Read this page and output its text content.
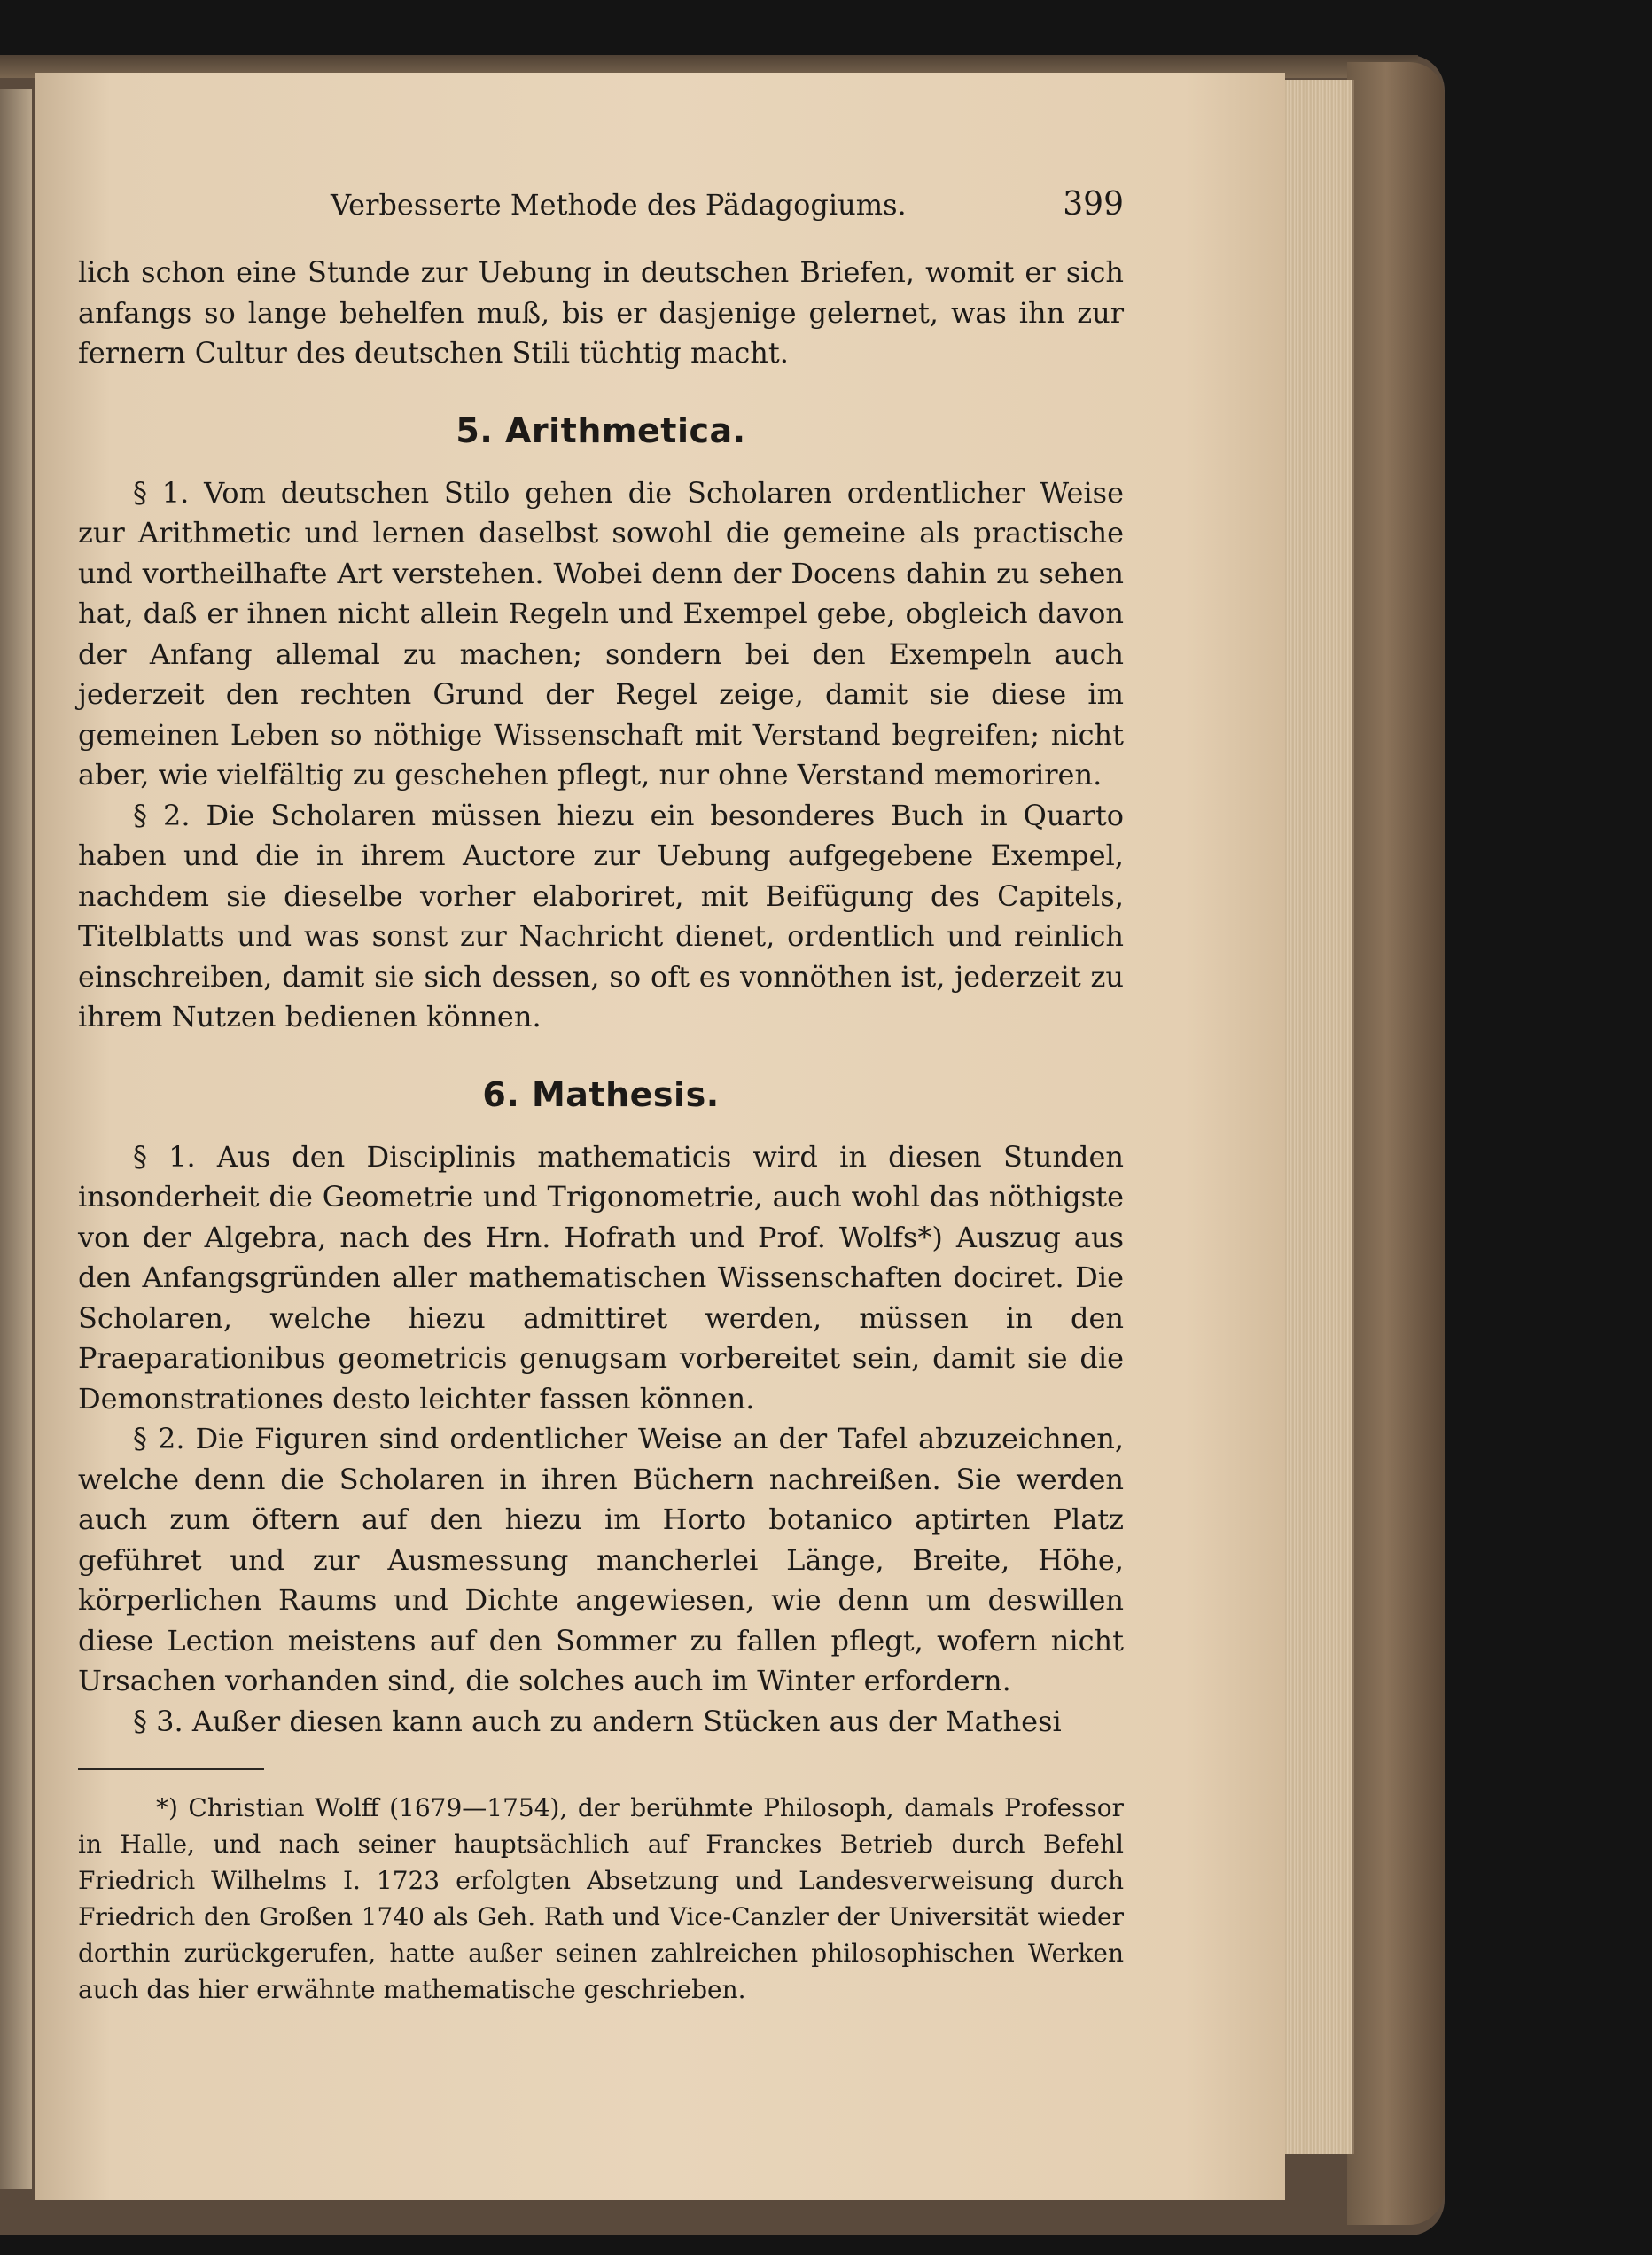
Verbesserte Methode des Pädagogiums.	399

lich schon eine Stunde zur Uebung in deutschen Briefen, womit er sich anfangs so lange behelfen muß, bis er dasjenige gelernet, was ihn zur fernern Cultur des deutschen Stili tüchtig macht.

5. Arithmetica.

§ 1. Vom deutschen Stilo gehen die Scholaren ordentlicher Weise zur Arithmetic und lernen daselbst sowohl die gemeine als practische und vortheilhafte Art verstehen. Wobei denn der Docens dahin zu sehen hat, daß er ihnen nicht allein Regeln und Exempel gebe, obgleich davon der Anfang allemal zu machen; sondern bei den Exempeln auch jederzeit den rechten Grund der Regel zeige, damit sie diese im gemeinen Leben so nöthige Wissenschaft mit Verstand begreifen; nicht aber, wie vielfältig zu geschehen pflegt, nur ohne Verstand memoriren.

§ 2. Die Scholaren müssen hiezu ein besonderes Buch in Quarto haben und die in ihrem Auctore zur Uebung aufgegebene Exempel, nachdem sie dieselbe vorher elaboriret, mit Beifügung des Capitels, Titelblatts und was sonst zur Nachricht dienet, ordentlich und reinlich einschreiben, damit sie sich dessen, so oft es vonnöthen ist, jederzeit zu ihrem Nutzen bedienen können.

6. Mathesis.

§ 1. Aus den Disciplinis mathematicis wird in diesen Stunden insonderheit die Geometrie und Trigonometrie, auch wohl das nöthigste von der Algebra, nach des Hrn. Hofrath und Prof. Wolfs*) Auszug aus den Anfangsgründen aller mathematischen Wissenschaften dociret. Die Scholaren, welche hiezu admittiret werden, müssen in den Praeparationibus geometricis genugsam vorbereitet sein, damit sie die Demonstrationes desto leichter fassen können.

§ 2. Die Figuren sind ordentlicher Weise an der Tafel abzuzeichnen, welche denn die Scholaren in ihren Büchern nachreißen. Sie werden auch zum öftern auf den hiezu im Horto botanico aptirten Platz geführet und zur Ausmessung mancherlei Länge, Breite, Höhe, körperlichen Raums und Dichte angewiesen, wie denn um deswillen diese Lection meistens auf den Sommer zu fallen pflegt, wofern nicht Ursachen vorhanden sind, die solches auch im Winter erfordern.

§ 3. Außer diesen kann auch zu andern Stücken aus der Mathesi

*) Christian Wolff (1679—1754), der berühmte Philosoph, damals Professor in Halle, und nach seiner hauptsächlich auf Franckes Betrieb durch Befehl Friedrich Wilhelms I. 1723 erfolgten Absetzung und Landesverweisung durch Friedrich den Großen 1740 als Geh. Rath und Vice-Canzler der Universität wieder dorthin zurückgerufen, hatte außer seinen zahlreichen philosophischen Werken auch das hier erwähnte mathematische geschrieben.
